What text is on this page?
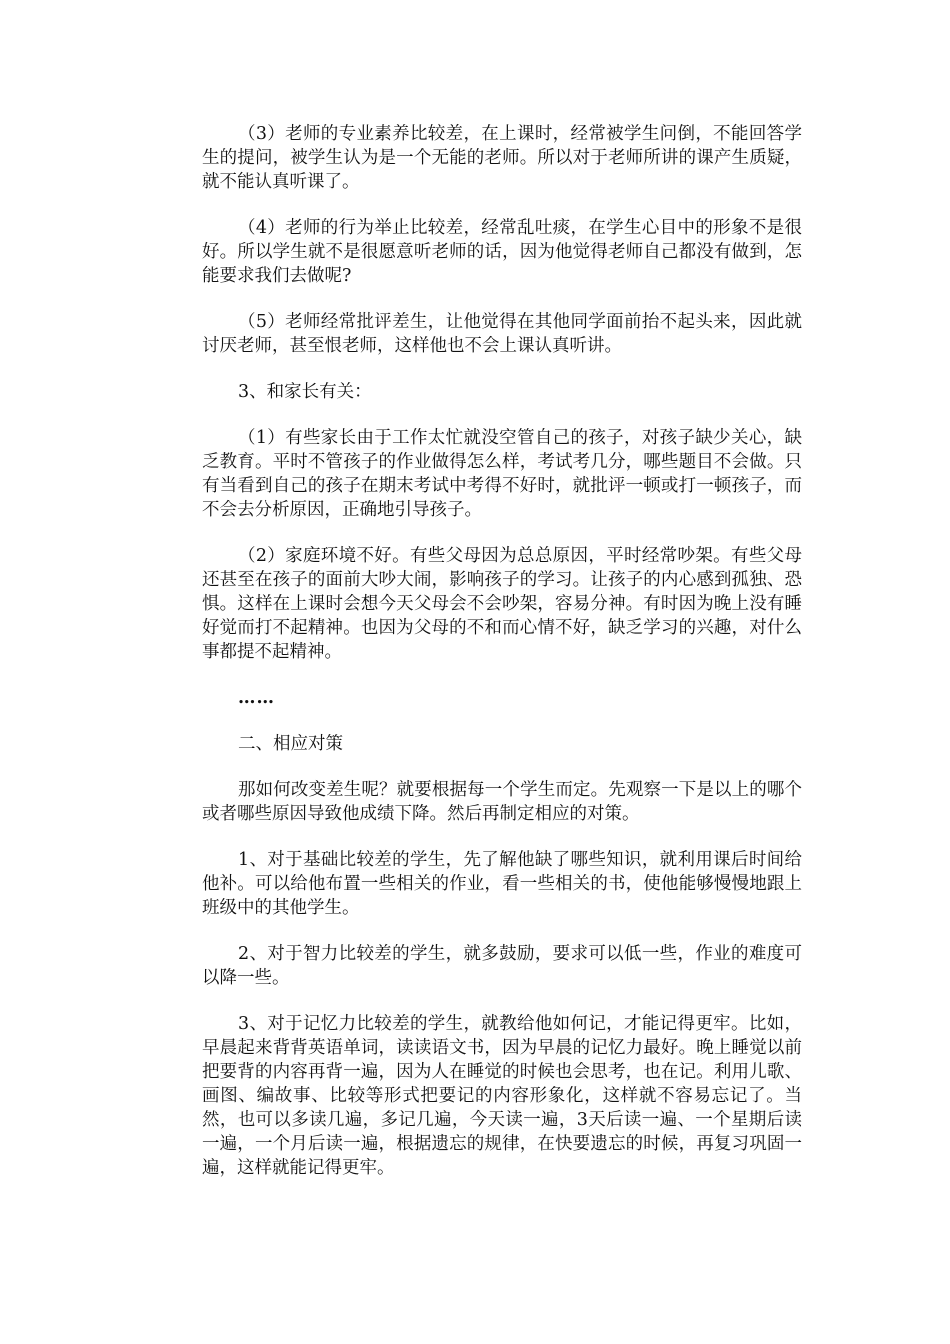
（3）老师的专业素养比较差，在上课时，经常被学生问倒，不能回答学生的提问，被学生认为是一个无能的老师。所以对于老师所讲的课产生质疑，就不能认真听课了。

（4）老师的行为举止比较差，经常乱吐痰，在学生心目中的形象不是很好。所以学生就不是很愿意听老师的话，因为他觉得老师自己都没有做到，怎能要求我们去做呢?

（5）老师经常批评差生，让他觉得在其他同学面前抬不起头来，因此就讨厌老师，甚至恨老师，这样他也不会上课认真听讲。

3、和家长有关：

（1）有些家长由于工作太忙就没空管自己的孩子，对孩子缺少关心，缺乏教育。平时不管孩子的作业做得怎么样，考试考几分，哪些题目不会做。只有当看到自己的孩子在期末考试中考得不好时，就批评一顿或打一顿孩子，而不会去分析原因，正确地引导孩子。

（2）家庭环境不好。有些父母因为总总原因，平时经常吵架。有些父母还甚至在孩子的面前大吵大闹，影响孩子的学习。让孩子的内心感到孤独、恐惧。这样在上课时会想今天父母会不会吵架，容易分神。有时因为晚上没有睡好觉而打不起精神。也因为父母的不和而心情不好，缺乏学习的兴趣，对什么事都提不起精神。

……

二、相应对策

那如何改变差生呢？就要根据每一个学生而定。先观察一下是以上的哪个或者哪些原因导致他成绩下降。然后再制定相应的对策。

1、对于基础比较差的学生，先了解他缺了哪些知识，就利用课后时间给他补。可以给他布置一些相关的作业，看一些相关的书，使他能够慢慢地跟上班级中的其他学生。

2、对于智力比较差的学生，就多鼓励，要求可以低一些，作业的难度可以降一些。

3、对于记忆力比较差的学生，就教给他如何记，才能记得更牢。比如，早晨起来背背英语单词，读读语文书，因为早晨的记忆力最好。晚上睡觉以前把要背的内容再背一遍，因为人在睡觉的时候也会思考，也在记。利用儿歌、画图、编故事、比较等形式把要记的内容形象化，这样就不容易忘记了。当然，也可以多读几遍，多记几遍，今天读一遍，3天后读一遍、一个星期后读一遍，一个月后读一遍，根据遗忘的规律，在快要遗忘的时候，再复习巩固一遍，这样就能记得更牢。
